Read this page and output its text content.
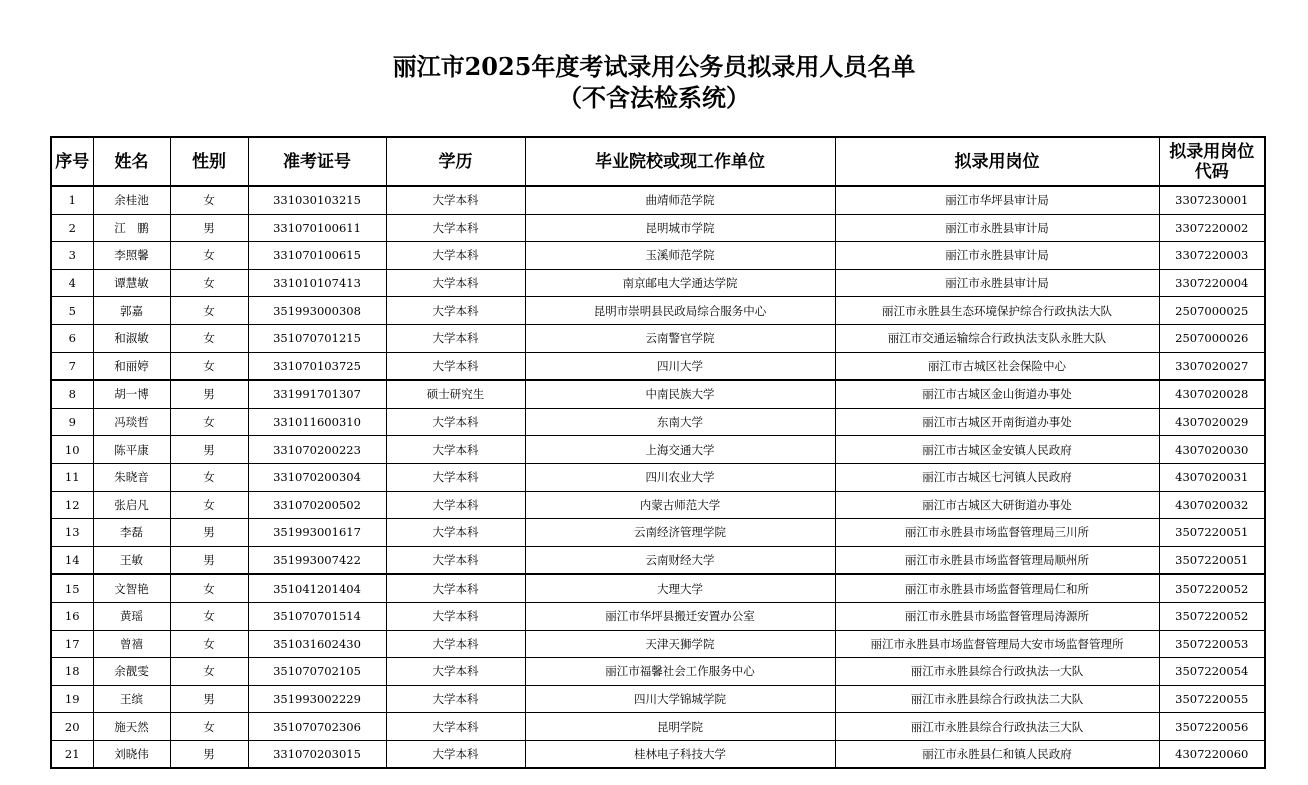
丽江市2025年度考试录用公务员拟录用人员名单
（不含法检系统）
序号	姓名	性别	准考证号	学历	毕业院校或现工作单位	拟录用岗位	拟录用岗位代码
1	余桂池	女	331030103215	大学本科	曲靖师范学院	丽江市华坪县审计局	3307230001
2	江　鹏	男	331070100611	大学本科	昆明城市学院	丽江市永胜县审计局	3307220002
3	李照馨	女	331070100615	大学本科	玉溪师范学院	丽江市永胜县审计局	3307220003
4	谭慧敏	女	331010107413	大学本科	南京邮电大学通达学院	丽江市永胜县审计局	3307220004
5	郭嘉	女	351993000308	大学本科	昆明市崇明县民政局综合服务中心	丽江市永胜县生态环境保护综合行政执法大队	2507000025
6	和淑敏	女	351070701215	大学本科	云南警官学院	丽江市交通运输综合行政执法支队永胜大队	2507000026
7	和丽婷	女	331070103725	大学本科	四川大学	丽江市古城区社会保险中心	3307020027
8	胡一博	男	331991701307	硕士研究生	中南民族大学	丽江市古城区金山街道办事处	4307020028
9	冯琰哲	女	331011600310	大学本科	东南大学	丽江市古城区开南街道办事处	4307020029
10	陈平康	男	331070200223	大学本科	上海交通大学	丽江市古城区金安镇人民政府	4307020030
11	朱晓音	女	331070200304	大学本科	四川农业大学	丽江市古城区七河镇人民政府	4307020031
12	张启凡	女	331070200502	大学本科	内蒙古师范大学	丽江市古城区大研街道办事处	4307020032
13	李磊	男	351993001617	大学本科	云南经济管理学院	丽江市永胜县市场监督管理局三川所	3507220051
14	王敏	男	351993007422	大学本科	云南财经大学	丽江市永胜县市场监督管理局顺州所	3507220051
15	文智艳	女	351041201404	大学本科	大理大学	丽江市永胜县市场监督管理局仁和所	3507220052
16	黄瑶	女	351070701514	大学本科	丽江市华坪县搬迁安置办公室	丽江市永胜县市场监督管理局涛源所	3507220052
17	曾禧	女	351031602430	大学本科	天津天狮学院	丽江市永胜县市场监督管理局大安市场监督管理所	3507220053
18	余靓雯	女	351070702105	大学本科	丽江市福馨社会工作服务中心	丽江市永胜县综合行政执法一大队	3507220054
19	王缤	男	351993002229	大学本科	四川大学锦城学院	丽江市永胜县综合行政执法二大队	3507220055
20	施天然	女	351070702306	大学本科	昆明学院	丽江市永胜县综合行政执法三大队	3507220056
21	刘晓伟	男	331070203015	大学本科	桂林电子科技大学	丽江市永胜县仁和镇人民政府	4307220060
